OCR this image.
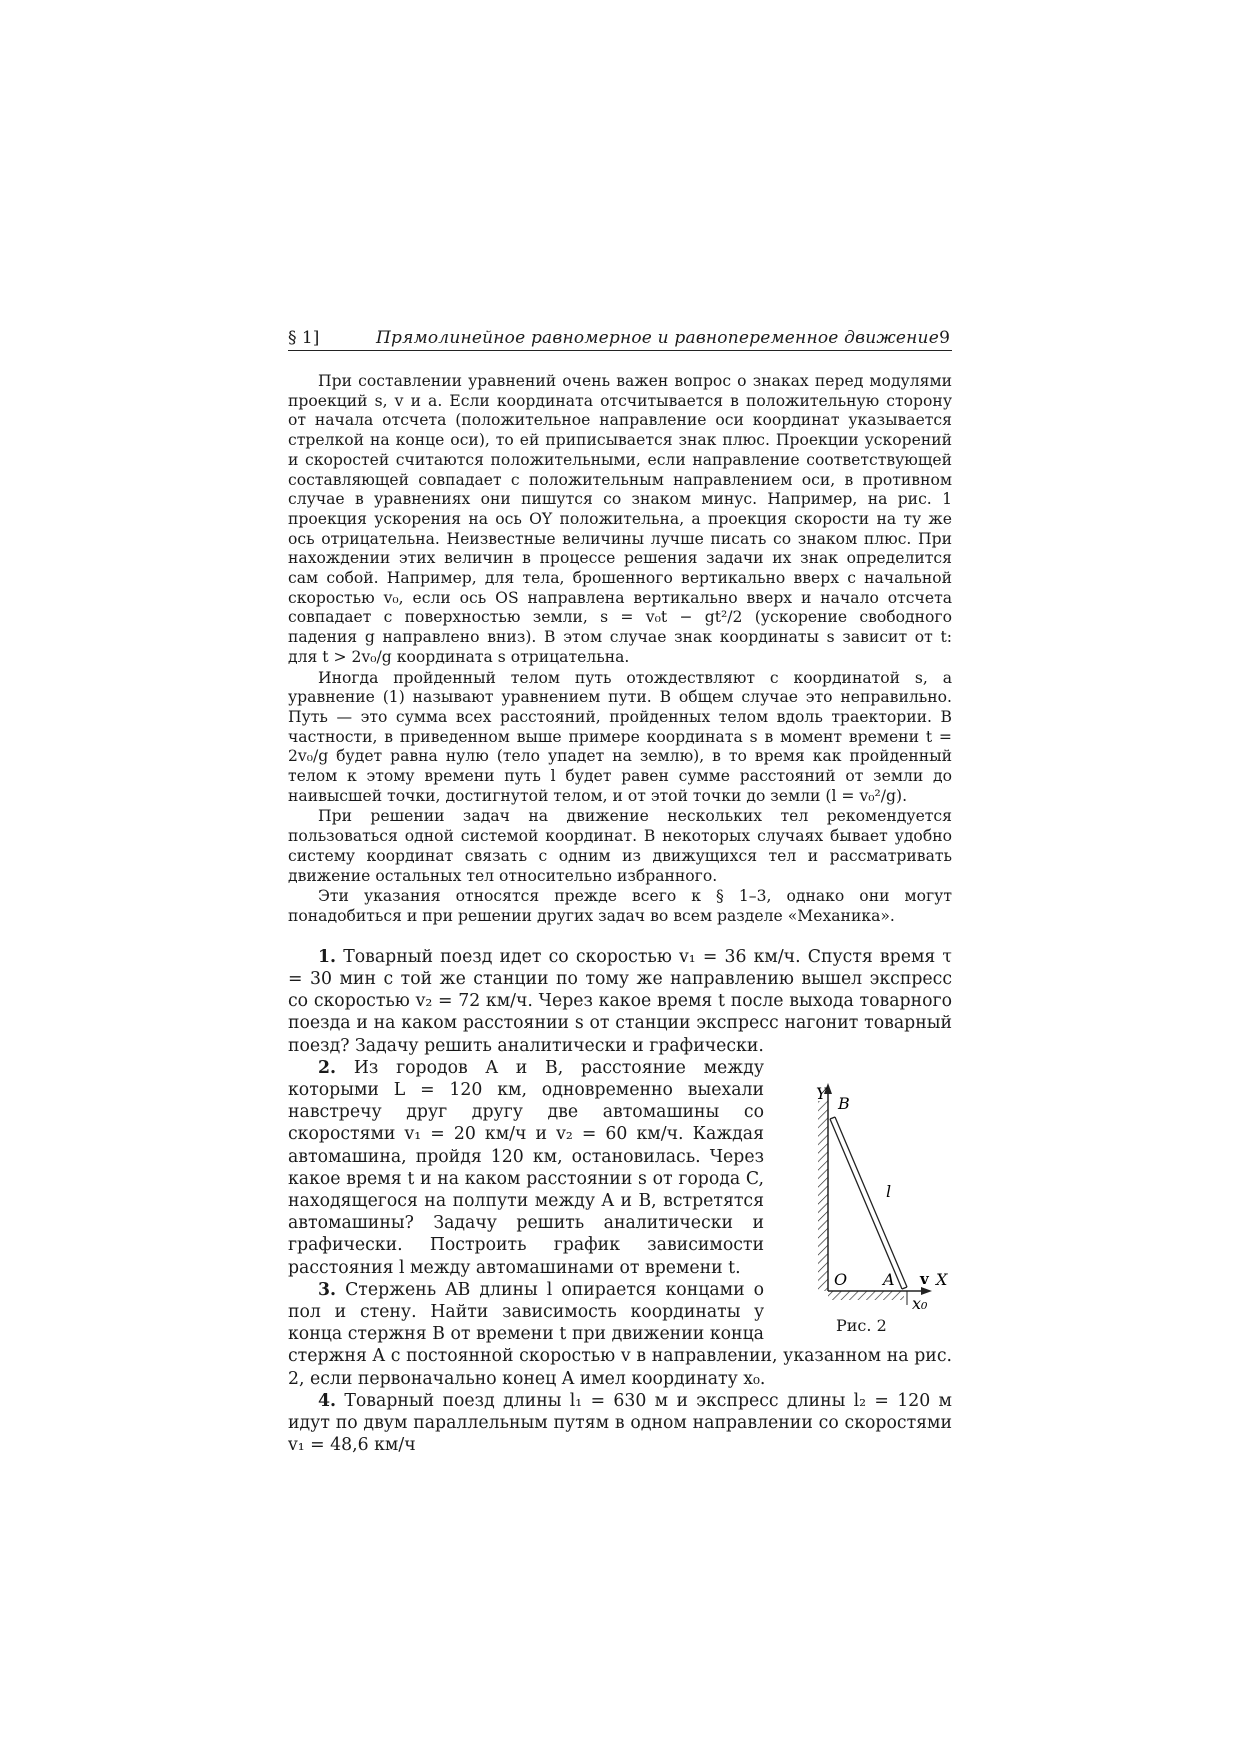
§ 1]	Прямолинейное равномерное и равнопеременное движение 9

При составлении уравнений очень важен вопрос о знаках перед модулями проекций s, v и a. Если координата отсчитывается в положительную сторону от начала отсчета (положительное направление оси координат указывается стрелкой на конце оси), то ей приписывается знак плюс. Проекции ускорений и скоростей считаются положительными, если направление соответствующей составляющей совпадает с положительным направлением оси, в противном случае в уравнениях они пишутся со знаком минус. Например, на рис. 1 проекция ускорения на ось OY положительна, а проекция скорости на ту же ось отрицательна. Неизвестные величины лучше писать со знаком плюс. При нахождении этих величин в процессе решения задачи их знак определится сам собой. Например, для тела, брошенного вертикально вверх с начальной скоростью v₀, если ось OS направлена вертикально вверх и начало отсчета совпадает с поверхностью земли, s = v₀t − gt²/2 (ускорение свободного падения g направлено вниз). В этом случае знак координаты s зависит от t: для t > 2v₀/g координата s отрицательна.

Иногда пройденный телом путь отождествляют с координатой s, а уравнение (1) называют уравнением пути. В общем случае это неправильно. Путь — это сумма всех расстояний, пройденных телом вдоль траектории. В частности, в приведенном выше примере координата s в момент времени t = 2v₀/g будет равна нулю (тело упадет на землю), в то время как пройденный телом к этому времени путь l будет равен сумме расстояний от земли до наивысшей точки, достигнутой телом, и от этой точки до земли (l = v₀²/g).

При решении задач на движение нескольких тел рекомендуется пользоваться одной системой координат. В некоторых случаях бывает удобно систему координат связать с одним из движущихся тел и рассматривать движение остальных тел относительно избранного.

Эти указания относятся прежде всего к § 1–3, однако они могут понадобиться и при решении других задач во всем разделе «Механика».

1. Товарный поезд идет со скоростью v₁ = 36 км/ч. Спустя время τ = 30 мин с той же станции по тому же направлению вышел экспресс со скоростью v₂ = 72 км/ч. Через какое время t после выхода товарного поезда и на каком расстоянии s от станции экспресс нагонит товарный поезд? Задачу решить аналитически и графически.

Y
B
l
O A v X
x₀
Рис. 2

2. Из городов A и B, расстояние между которыми L = 120 км, одновременно выехали навстречу друг другу две автомашины со скоростями v₁ = 20 км/ч и v₂ = 60 км/ч. Каждая автомашина, пройдя 120 км, остановилась. Через какое время t и на каком расстоянии s от города C, находящегося на полпути между A и B, встретятся автомашины? Задачу решить аналитически и графически. Построить график зависимости расстояния l между автомашинами от времени t.

3. Стержень AB длины l опирается концами о пол и стену. Найти зависимость координаты y конца стержня B от времени t при движении конца стержня A с постоянной скоростью v в направлении, указанном на рис. 2, если первоначально конец A имел координату x₀.

4. Товарный поезд длины l₁ = 630 м и экспресс длины l₂ = 120 м идут по двум параллельным путям в одном направлении со скоростями v₁ = 48,6 км/ч
